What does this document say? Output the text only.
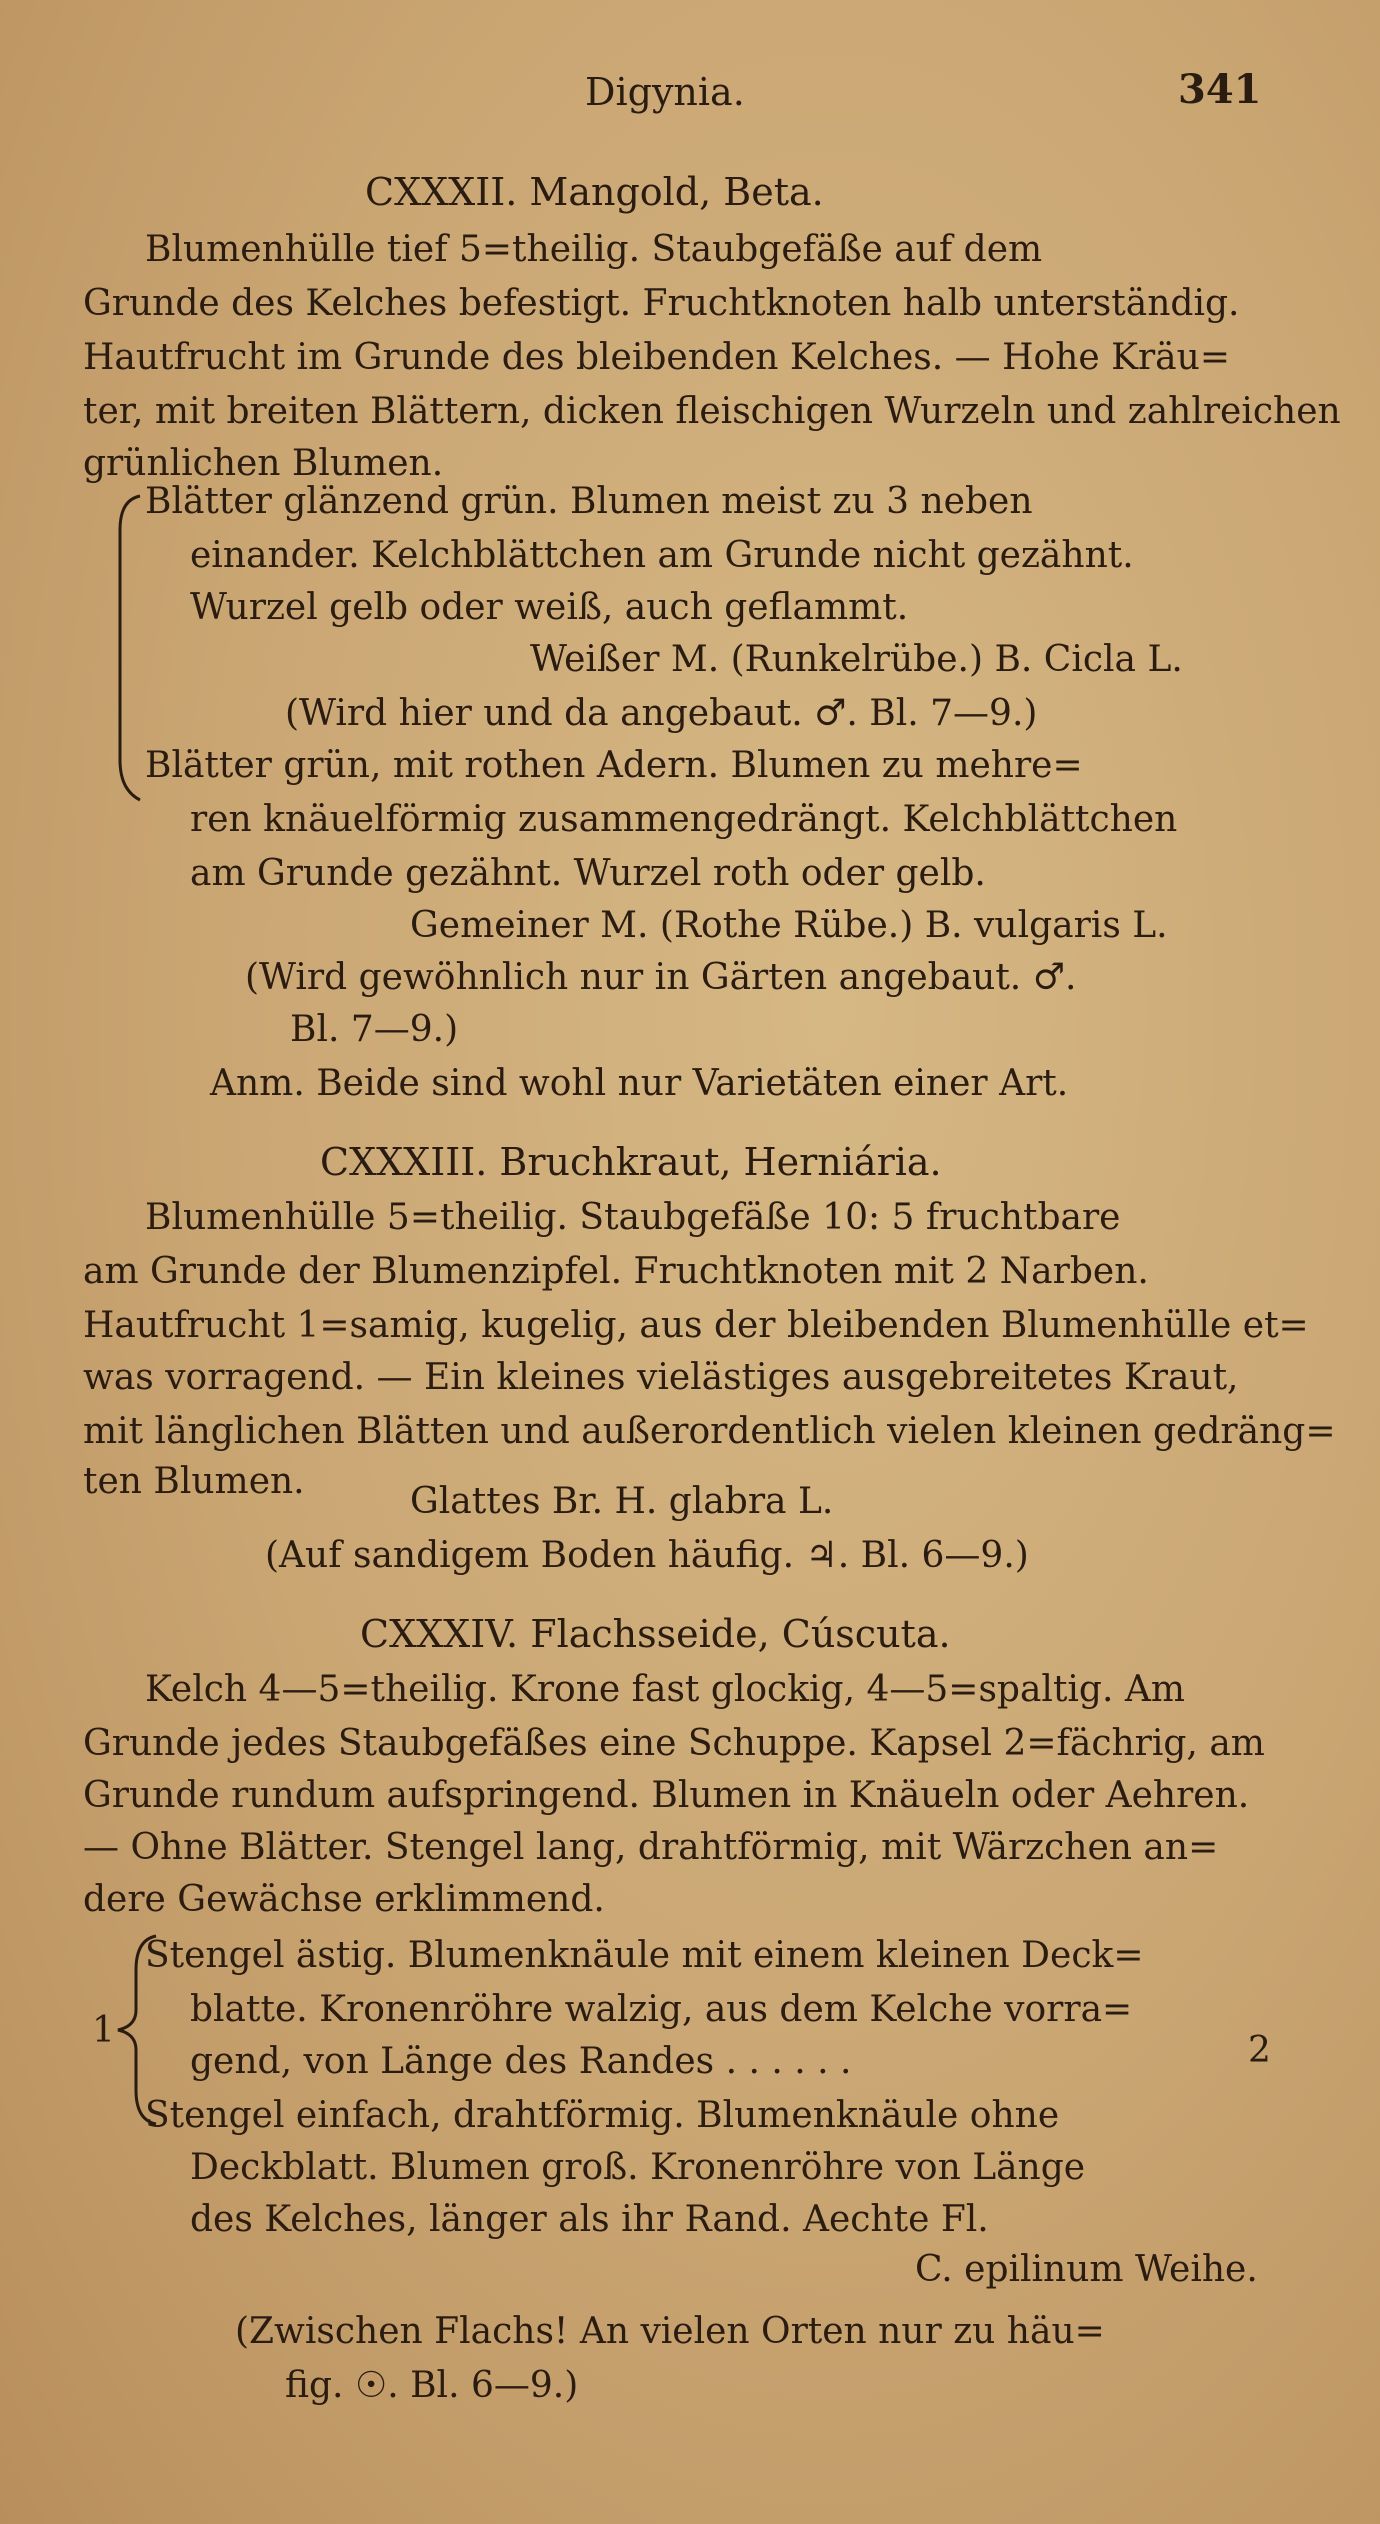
Digynia.	341
CXXXII. Mangold, Beta.
Blumenhülle tief 5=theilig. Staubgefäße auf dem
Grunde des Kelches befestigt. Fruchtknoten halb unterständig.
Hautfrucht im Grunde des bleibenden Kelches. — Hohe Kräu=
ter, mit breiten Blättern, dicken fleischigen Wurzeln und zahlreichen
grünlichen Blumen.
Blätter glänzend grün. Blumen meist zu 3 neben
einander. Kelchblättchen am Grunde nicht gezähnt.
Wurzel gelb oder weiß, auch geflammt.
Weißer M. (Runkelrübe.) B. Cicla L.
(Wird hier und da angebaut. ♂. Bl. 7—9.)
Blätter grün, mit rothen Adern. Blumen zu mehre=
ren knäuelförmig zusammengedrängt. Kelchblättchen
am Grunde gezähnt. Wurzel roth oder gelb.
Gemeiner M. (Rothe Rübe.) B. vulgaris L.
(Wird gewöhnlich nur in Gärten angebaut. ♂.
Bl. 7—9.)
Anm. Beide sind wohl nur Varietäten einer Art.
CXXXIII. Bruchkraut, Herniária.
Blumenhülle 5=theilig. Staubgefäße 10: 5 fruchtbare
am Grunde der Blumenzipfel. Fruchtknoten mit 2 Narben.
Hautfrucht 1=samig, kugelig, aus der bleibenden Blumenhülle et=
was vorragend. — Ein kleines vielästiges ausgebreitetes Kraut,
mit länglichen Blätten und außerordentlich vielen kleinen gedräng=
ten Blumen.	Glattes Br. H. glabra L.
(Auf sandigem Boden häufig. ♃. Bl. 6—9.)
CXXXIV. Flachsseide, Cúscuta.
Kelch 4—5=theilig. Krone fast glockig, 4—5=spaltig. Am
Grunde jedes Staubgefäßes eine Schuppe. Kapsel 2=fächrig, am
Grunde rundum aufspringend. Blumen in Knäueln oder Aehren.
— Ohne Blätter. Stengel lang, drahtförmig, mit Wärzchen an=
dere Gewächse erklimmend.
1
Stengel ästig. Blumenknäule mit einem kleinen Deck=
blatte. Kronenröhre walzig, aus dem Kelche vorra=
gend, von Länge des Randes . . . . . .	2
Stengel einfach, drahtförmig. Blumenknäule ohne
Deckblatt. Blumen groß. Kronenröhre von Länge
des Kelches, länger als ihr Rand. Aechte Fl.
C. epilinum Weihe.
(Zwischen Flachs! An vielen Orten nur zu häu=
fig. ☉. Bl. 6—9.)
